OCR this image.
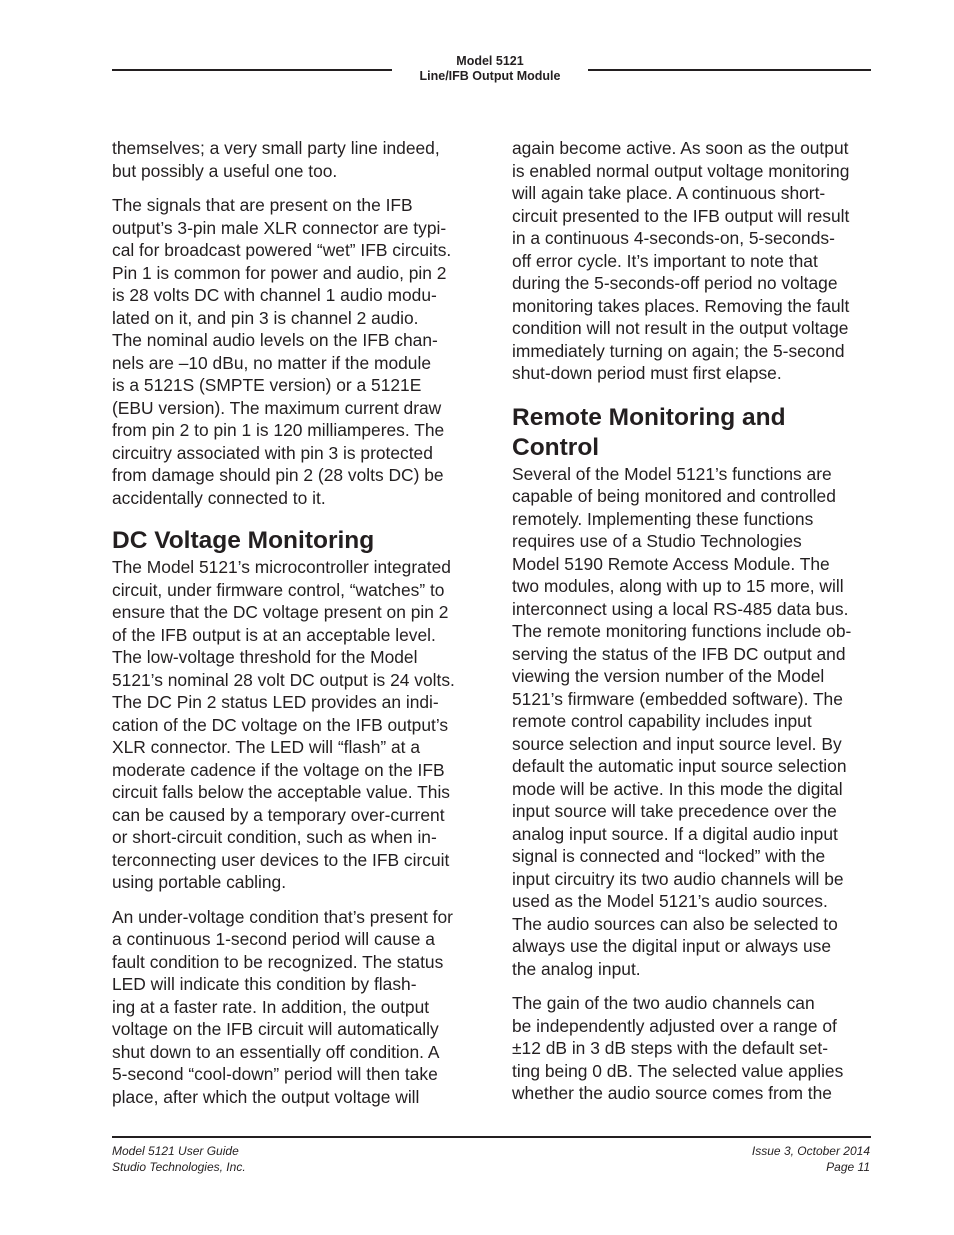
Model 5121
Line/IFB Output Module

themselves; a very small party line indeed,
but possibly a useful one too.

The signals that are present on the IFB
output’s 3-pin male XLR connector are typi-
cal for broadcast powered “wet” IFB circuits.
Pin 1 is common for power and audio, pin 2
is 28 volts DC with channel 1 audio modu-
lated on it, and pin 3 is channel 2 audio.
The nominal audio levels on the IFB chan-
nels are –10 dBu, no matter if the module
is a 5121S (SMPTE version) or a 5121E
(EBU version). The maximum current draw
from pin 2 to pin 1 is 120 milliamperes. The
circuitry associated with pin 3 is protected
from damage should pin 2 (28 volts DC) be
accidentally connected to it.

DC Voltage Monitoring

The Model 5121’s microcontroller integrated
circuit, under firmware control, “watches” to
ensure that the DC voltage present on pin 2
of the IFB output is at an acceptable level.
The low-voltage threshold for the Model
5121’s nominal 28 volt DC output is 24 volts.
The DC Pin 2 status LED provides an indi-
cation of the DC voltage on the IFB output’s
XLR connector. The LED will “flash” at a
moderate cadence if the voltage on the IFB
circuit falls below the acceptable value. This
can be caused by a temporary over-current
or short-circuit condition, such as when in-
terconnecting user devices to the IFB circuit
using portable cabling.

An under-voltage condition that’s present for
a continuous 1-second period will cause a
fault condition to be recognized. The status
LED will indicate this condition by flash-
ing at a faster rate. In addition, the output
voltage on the IFB circuit will automatically
shut down to an essentially off condition. A
5-second “cool-down” period will then take
place, after which the output voltage will

again become active. As soon as the output
is enabled normal output voltage monitoring
will again take place. A continuous short-
circuit presented to the IFB output will result
in a continuous 4-seconds-on, 5-seconds-
off error cycle. It’s important to note that
during the 5-seconds-off period no voltage
monitoring takes places. Removing the fault
condition will not result in the output voltage
immediately turning on again; the 5-second
shut-down period must first elapse.

Remote Monitoring and
Control

Several of the Model 5121’s functions are
capable of being monitored and controlled
remotely. Implementing these functions
requires use of a Studio Technologies
Model 5190 Remote Access Module. The
two modules, along with up to 15 more, will
interconnect using a local RS-485 data bus.
The remote monitoring functions include ob-
serving the status of the IFB DC output and
viewing the version number of the Model
5121’s firmware (embedded software). The
remote control capability includes input
source selection and input source level. By
default the automatic input source selection
mode will be active. In this mode the digital
input source will take precedence over the
analog input source. If a digital audio input
signal is connected and “locked” with the
input circuitry its two audio channels will be
used as the Model 5121’s audio sources.
The audio sources can also be selected to
always use the digital input or always use
the analog input.

The gain of the two audio channels can
be independently adjusted over a range of
±12 dB in 3 dB steps with the default set-
ting being 0 dB. The selected value applies
whether the audio source comes from the

Model 5121 User Guide
Studio Technologies, Inc.
Issue 3, October 2014
Page 11
